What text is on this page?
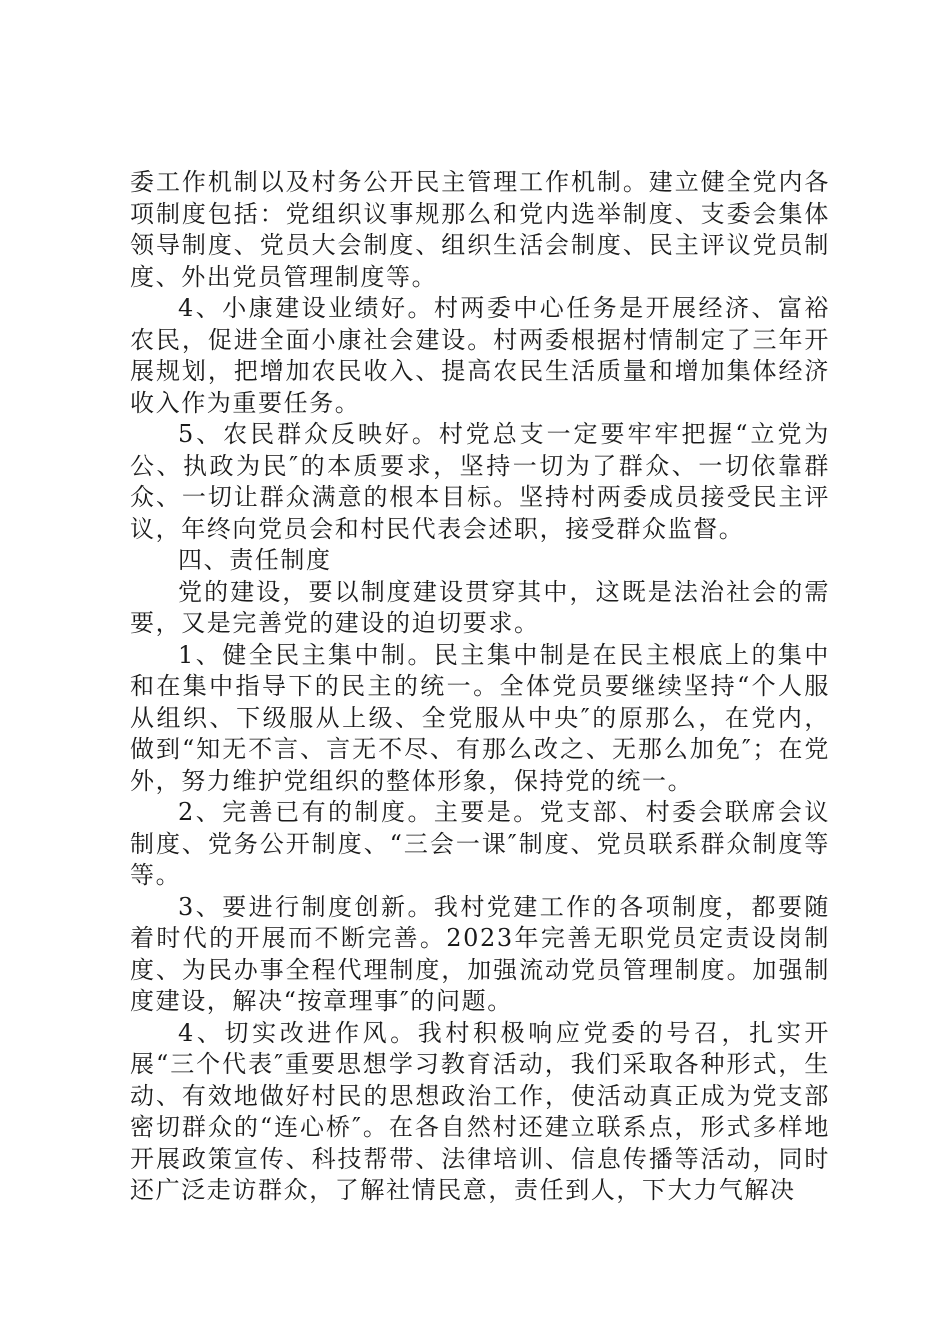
委工作机制以及村务公开民主管理工作机制。建立健全党内各项制度包括：党组织议事规那么和党内选举制度、支委会集体领导制度、党员大会制度、组织生活会制度、民主评议党员制度、外出党员管理制度等。

4、小康建设业绩好。村两委中心任务是开展经济、富裕农民，促进全面小康社会建设。村两委根据村情制定了三年开展规划，把增加农民收入、提高农民生活质量和增加集体经济收入作为重要任务。

5、农民群众反映好。村党总支一定要牢牢把握“立党为公、执政为民″的本质要求，坚持一切为了群众、一切依靠群众、一切让群众满意的根本目标。坚持村两委成员接受民主评议，年终向党员会和村民代表会述职，接受群众监督。

四、责任制度

党的建设，要以制度建设贯穿其中，这既是法治社会的需要，又是完善党的建设的迫切要求。

1、健全民主集中制。民主集中制是在民主根底上的集中和在集中指导下的民主的统一。全体党员要继续坚持“个人服从组织、下级服从上级、全党服从中央″的原那么，在党内，做到“知无不言、言无不尽、有那么改之、无那么加免″；在党外，努力维护党组织的整体形象，保持党的统一。

2、完善已有的制度。主要是。党支部、村委会联席会议制度、党务公开制度、“三会一课″制度、党员联系群众制度等等。

3、要进行制度创新。我村党建工作的各项制度，都要随着时代的开展而不断完善。2023年完善无职党员定责设岗制度、为民办事全程代理制度，加强流动党员管理制度。加强制度建设，解决“按章理事″的问题。

4、切实改进作风。我村积极响应党委的号召，扎实开展“三个代表″重要思想学习教育活动，我们采取各种形式，生动、有效地做好村民的思想政治工作，使活动真正成为党支部密切群众的“连心桥″。在各自然村还建立联系点，形式多样地开展政策宣传、科技帮带、法律培训、信息传播等活动，同时还广泛走访群众，了解社情民意，责任到人，下大力气解决
